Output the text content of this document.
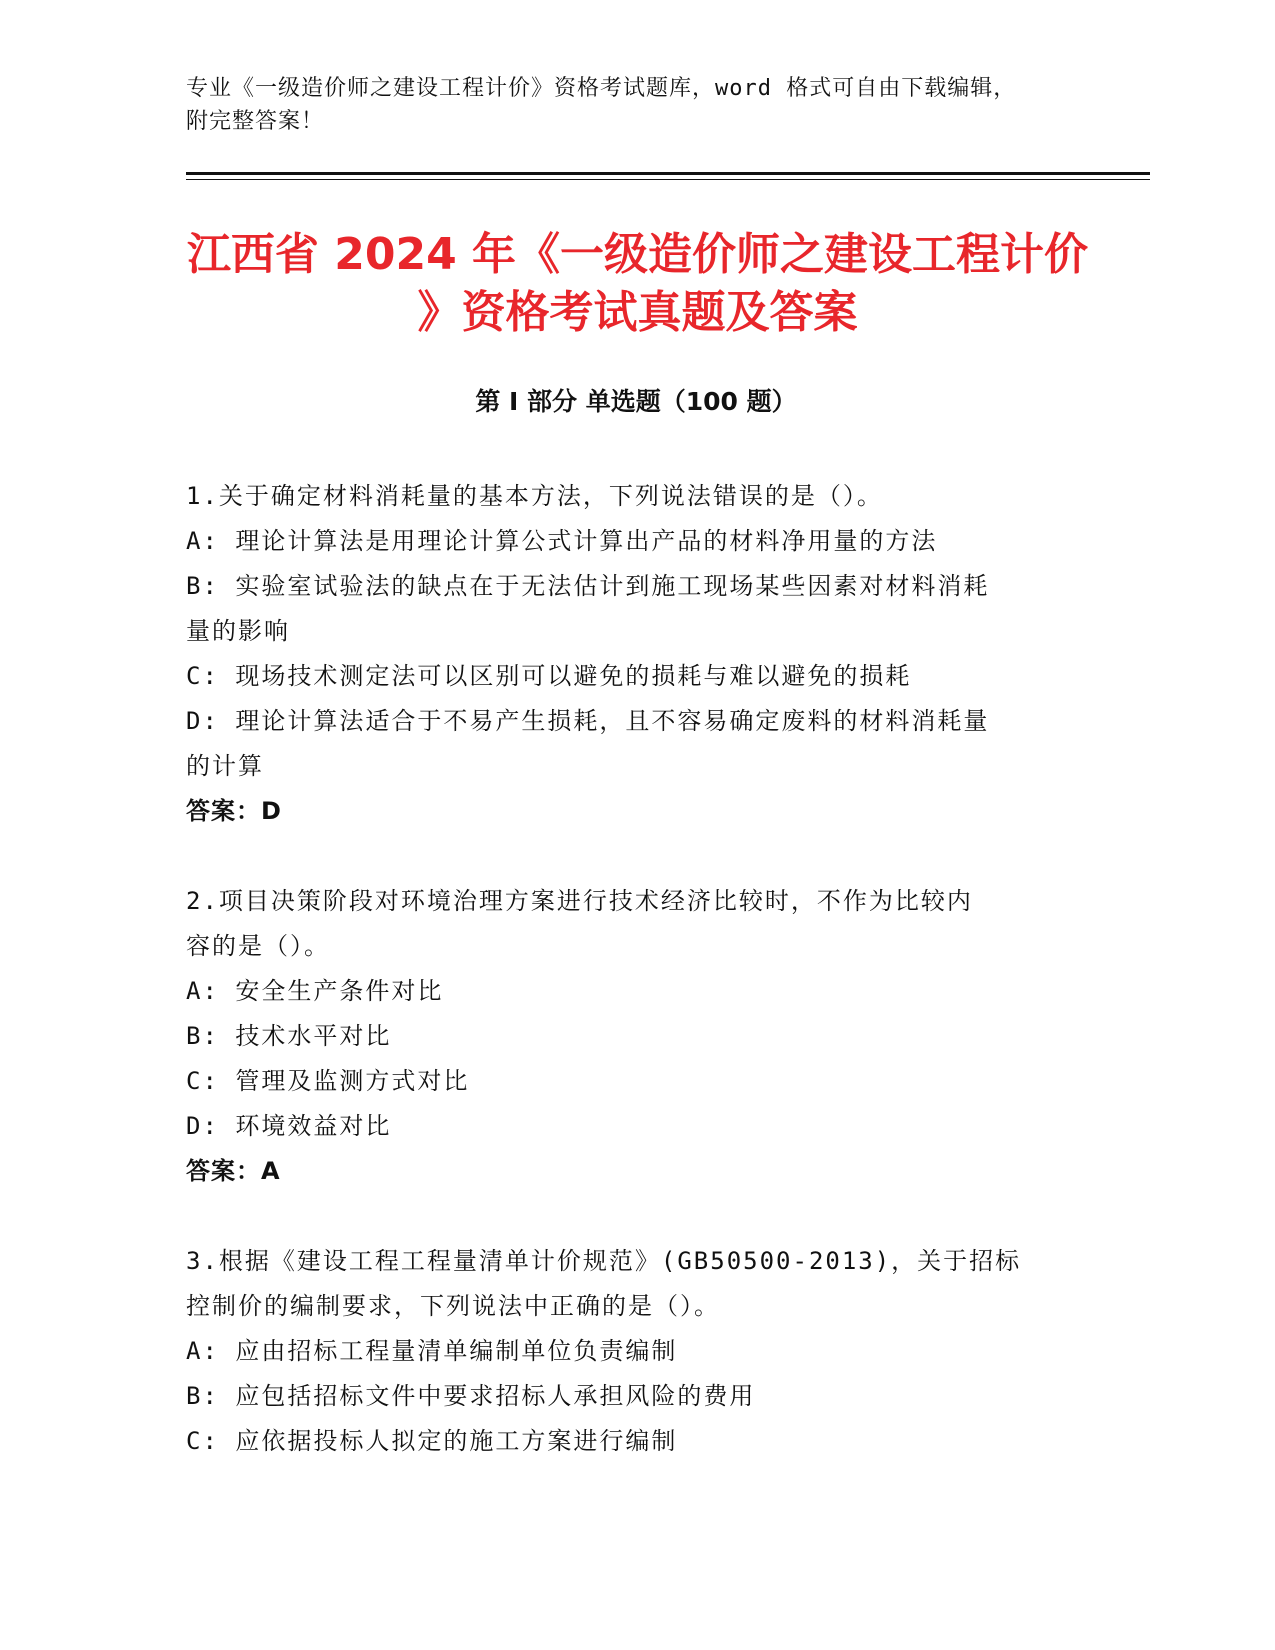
专业《一级造价师之建设工程计价》资格考试题库，word 格式可自由下载编辑，
附完整答案！
江西省 2024 年《一级造价师之建设工程计价
》资格考试真题及答案
第 I 部分 单选题（100 题）
1.关于确定材料消耗量的基本方法，下列说法错误的是（）。
A: 理论计算法是用理论计算公式计算出产品的材料净用量的方法
B: 实验室试验法的缺点在于无法估计到施工现场某些因素对材料消耗
量的影响
C: 现场技术测定法可以区别可以避免的损耗与难以避免的损耗
D: 理论计算法适合于不易产生损耗，且不容易确定废料的材料消耗量
的计算
答案：D
2.项目决策阶段对环境治理方案进行技术经济比较时，不作为比较内
容的是（）。
A: 安全生产条件对比
B: 技术水平对比
C: 管理及监测方式对比
D: 环境效益对比
答案：A
3.根据《建设工程工程量清单计价规范》(GB50500-2013)，关于招标
控制价的编制要求，下列说法中正确的是（）。
A: 应由招标工程量清单编制单位负责编制
B: 应包括招标文件中要求招标人承担风险的费用
C: 应依据投标人拟定的施工方案进行编制
